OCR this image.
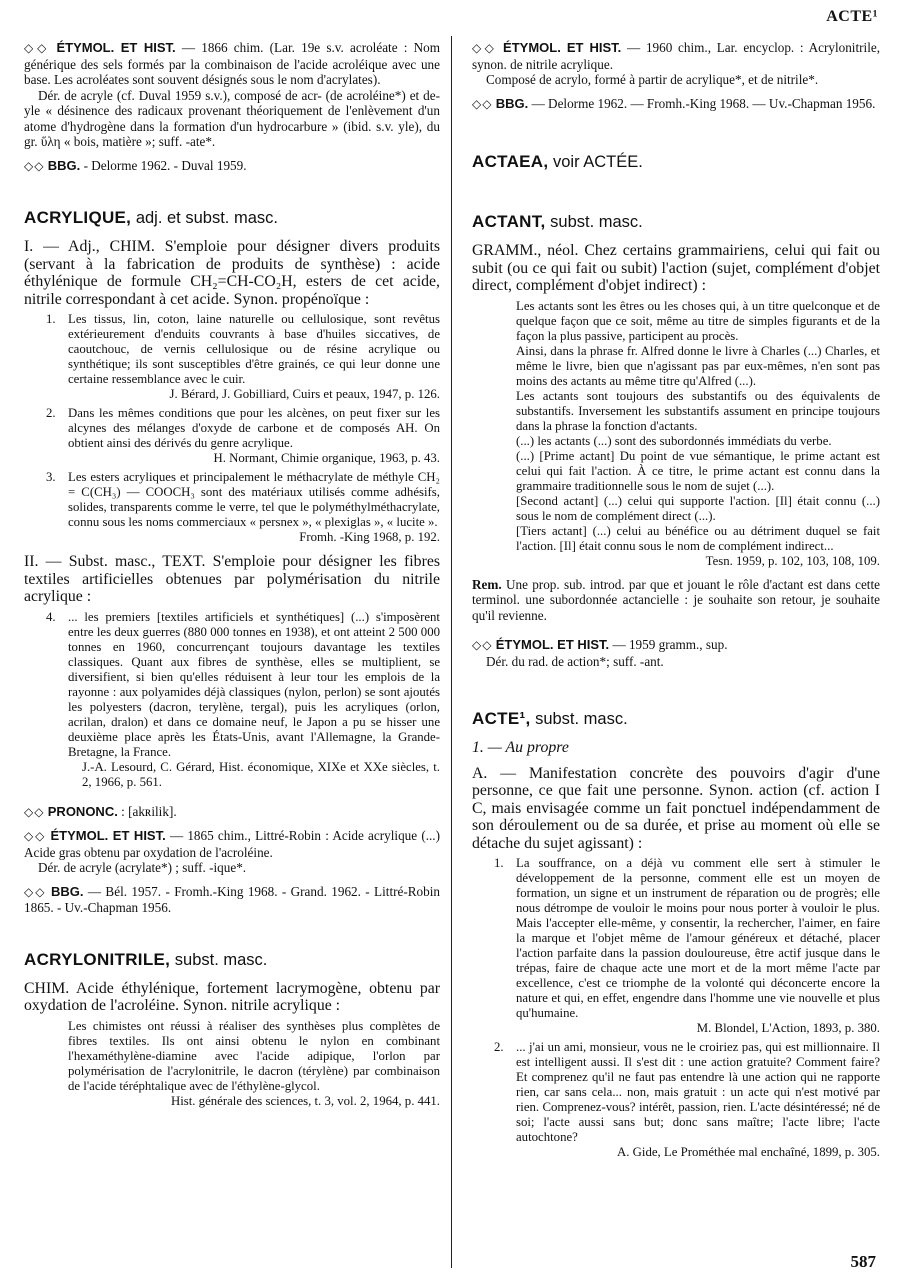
ACTE¹

◇◇ ÉTYMOL. ET HIST. — 1866 chim. (Lar. 19e s.v. acroléate : Nom générique des sels formés par la combinaison de l'acide acroléique avec une base. Les acroléates sont souvent désignés sous le nom d'acrylates).

Dér. de acryle (cf. Duval 1959 s.v.), composé de acr- (de acroléine*) et de-yle « désinence des radicaux provenant théoriquement de l'enlèvement d'un atome d'hydrogène dans la formation d'un hydrocarbure » (ibid. s.v. yle), du gr. ὕλη « bois, matière »; suff. -ate*.

◇◇ BBG. - Delorme 1962. - Duval 1959.

ACRYLIQUE, adj. et subst. masc.

I. — Adj., CHIM. S'emploie pour désigner divers produits (servant à la fabrication de produits de synthèse) : acide éthylénique de formule CH₂=CH-CO₂H, esters de cet acide, nitrile correspondant à cet acide. Synon. propénoïque :

1. Les tissus, lin, coton, laine naturelle ou cellulosique, sont revêtus extérieurement d'enduits couvrants à base d'huiles siccatives, de caoutchouc, de vernis cellulosique ou de résine acrylique ou synthétique; ils sont susceptibles d'être grainés, ce qui leur donne une certaine ressemblance avec le cuir.

J. Bérard, J. Gobilliard, Cuirs et peaux, 1947, p. 126.

2. Dans les mêmes conditions que pour les alcènes, on peut fixer sur les alcynes des mélanges d'oxyde de carbone et de composés AH. On obtient ainsi des dérivés du genre acrylique.

H. Normant, Chimie organique, 1963, p. 43.

3. Les esters acryliques et principalement le méthacrylate de méthyle CH₂ = C(CH₃) — COOCH₃ sont des matériaux utilisés comme adhésifs, solides, transparents comme le verre, tel que le polyméthylméthacrylate, connu sous les noms commerciaux « persnex », « plexiglas », « lucite ».

Fromh. -King 1968, p. 192.

II. — Subst. masc., TEXT. S'emploie pour désigner les fibres textiles artificielles obtenues par polymérisation du nitrile acrylique :

4. ... les premiers [textiles artificiels et synthétiques] (...) s'imposèrent entre les deux guerres (880 000 tonnes en 1938), et ont atteint 2 500 000 tonnes en 1960, concurrençant toujours davantage les textiles classiques. Quant aux fibres de synthèse, elles se multiplient, se diversifient, si bien qu'elles réduisent à leur tour les emplois de la rayonne : aux polyamides déjà classiques (nylon, perlon) se sont ajoutés les polyesters (dacron, terylène, tergal), puis les acryliques (orlon, acrilan, dralon) et dans ce domaine neuf, le Japon a pu se hisser une deuxième place après les États-Unis, avant l'Allemagne, la Grande-Bretagne, la France.

J.-A. Lesourd, C. Gérard, Hist. économique, XIXe et XXe siècles, t. 2, 1966, p. 561.

◇◇ PRONONC. : [akʀilik].

◇◇ ÉTYMOL. ET HIST. — 1865 chim., Littré-Robin : Acide acrylique (...) Acide gras obtenu par oxydation de l'acroléine.

Dér. de acryle (acrylate*) ; suff. -ique*.

◇◇ BBG. — Bél. 1957. - Fromh.-King 1968. - Grand. 1962. - Littré-Robin 1865. - Uv.-Chapman 1956.

ACRYLONITRILE, subst. masc.

CHIM. Acide éthylénique, fortement lacrymogène, obtenu par oxydation de l'acroléine. Synon. nitrile acrylique :

Les chimistes ont réussi à réaliser des synthèses plus complètes de fibres textiles. Ils ont ainsi obtenu le nylon en combinant l'hexaméthylène-diamine avec l'acide adipique, l'orlon par polymérisation de l'acrylonitrile, le dacron (térylène) par combinaison de l'acide téréphtalique avec de l'éthylène-glycol.

Hist. générale des sciences, t. 3, vol. 2, 1964, p. 441.

◇◇ ÉTYMOL. ET HIST. — 1960 chim., Lar. encyclop. : Acrylonitrile, synon. de nitrile acrylique.

Composé de acrylo, formé à partir de acrylique*, et de nitrile*.

◇◇ BBG. — Delorme 1962. — Fromh.-King 1968. — Uv.-Chapman 1956.

ACTAEA, voir ACTÉE.
ACTANT, subst. masc.

GRAMM., néol. Chez certains grammairiens, celui qui fait ou subit (ou ce qui fait ou subit) l'action (sujet, complément d'objet direct, complément d'objet indirect) :

Les actants sont les êtres ou les choses qui, à un titre quelconque et de quelque façon que ce soit, même au titre de simples figurants et de la façon la plus passive, participent au procès.

Ainsi, dans la phrase fr. Alfred donne le livre à Charles (...) Charles, et même le livre, bien que n'agissant pas par eux-mêmes, n'en sont pas moins des actants au même titre qu'Alfred (...).

Les actants sont toujours des substantifs ou des équivalents de substantifs. Inversement les substantifs assument en principe toujours dans la phrase la fonction d'actants.

(...) les actants (...) sont des subordonnés immédiats du verbe.

(...) [Prime actant] Du point de vue sémantique, le prime actant est celui qui fait l'action. À ce titre, le prime actant est connu dans la grammaire traditionnelle sous le nom de sujet (...).

[Second actant] (...) celui qui supporte l'action. [Il] était connu (...) sous le nom de complément direct (...).

[Tiers actant] (...) celui au bénéfice ou au détriment duquel se fait l'action. [Il] était connu sous le nom de complément indirect...

Tesn. 1959, p. 102, 103, 108, 109.

Rem. Une prop. sub. introd. par que et jouant le rôle d'actant est dans cette terminol. une subordonnée actancielle : je souhaite son retour, je souhaite qu'il revienne.

◇◇ ÉTYMOL. ET HIST. — 1959 gramm., sup.

Dér. du rad. de action*; suff. -ant.

ACTE¹, subst. masc.

1. — Au propre

A. — Manifestation concrète des pouvoirs d'agir d'une personne, ce que fait une personne. Synon. action (cf. action I C, mais envisagée comme un fait ponctuel indépendamment de son déroulement ou de sa durée, et prise au moment où elle se détache du sujet agissant) :

1. La souffrance, on a déjà vu comment elle sert à stimuler le développement de la personne, comment elle est un moyen de formation, un signe et un instrument de réparation ou de progrès; elle nous détrompe de vouloir le moins pour nous porter à vouloir le plus. Mais l'accepter elle-même, y consentir, la rechercher, l'aimer, en faire la marque et l'objet même de l'amour généreux et détaché, placer l'action parfaite dans la passion douloureuse, être actif jusque dans le trépas, faire de chaque acte une mort et de la mort même l'acte par excellence, c'est ce triomphe de la volonté qui déconcerte encore la nature et qui, en effet, engendre dans l'homme une vie nouvelle et plus qu'humaine.

M. Blondel, L'Action, 1893, p. 380.

2. ... j'ai un ami, monsieur, vous ne le croiriez pas, qui est millionnaire. Il est intelligent aussi. Il s'est dit : une action gratuite? Comment faire? Et comprenez qu'il ne faut pas entendre là une action qui ne rapporte rien, car sans cela... non, mais gratuit : un acte qui n'est motivé par rien. Comprenez-vous? intérêt, passion, rien. L'acte désintéressé; né de soi; l'acte aussi sans but; donc sans maître; l'acte libre; l'acte autochtone?

A. Gide, Le Prométhée mal enchaîné, 1899, p. 305.

587
